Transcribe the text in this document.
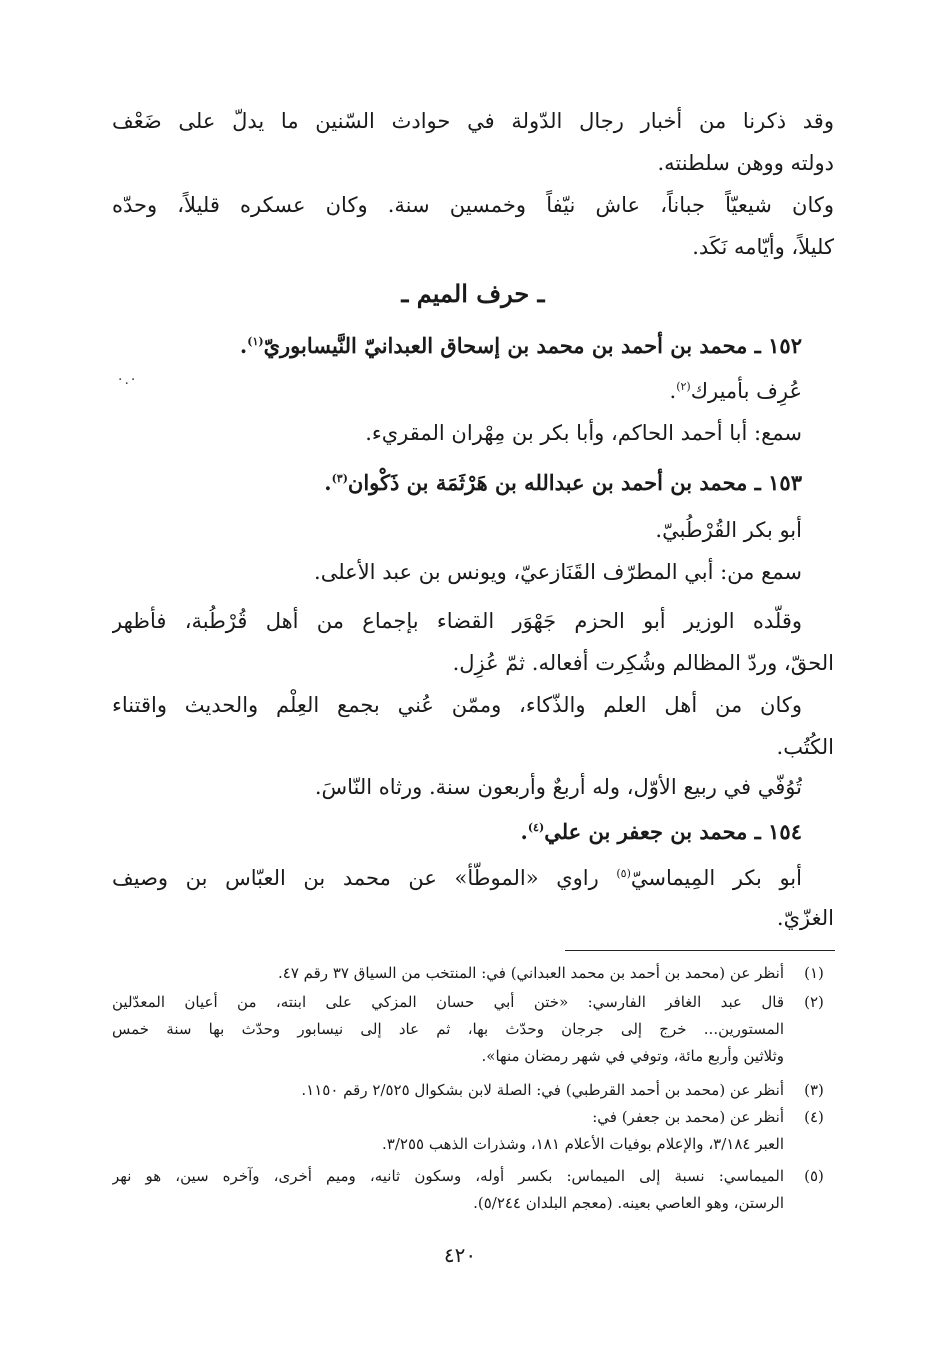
وقد ذكرنا من أخبار رجال الدّولة في حوادث السّنين ما يدلّ على ضَعْف
دولته ووهن سلطنته.
وكان شيعيّاً جباناً، عاش نيّفاً وخمسين سنة. وكان عسكره قليلاً، وحدّه
كليلاً، وأيّامه نَكَد.
ـ حرف الميم ـ
١٥٢ ـ محمد بن أحمد بن محمد بن إسحاق العبدانيّ النَّيسابوريّ$^{(١)}$.
·.·	عُرِف بأميرك$^{(٢)}$.
سمع: أبا أحمد الحاكم، وأبا بكر بن مِهْران المقريء.
١٥٣ ـ محمد بن أحمد بن عبدالله بن هَرْثَمَة بن ذَكْوان$^{(٣)}$.
أبو بكر القُرْطُبيّ.
سمع من: أبي المطرّف القَنَازعيّ، ويونس بن عبد الأعلى.
وقلّده الوزير أبو الحزم جَهْوَر القضاء بإجماع من أهل قُرْطُبة، فأظهر
الحقّ، وردّ المظالم وشُكِرت أفعاله. ثمّ عُزِل.
وكان من أهل العلم والذّكاء، وممّن عُني بجمع العِلْم والحديث واقتناء
الكُتُب.
تُوُفّي في ربيع الأوّل، وله أربعٌ وأربعون سنة. ورثاه النّاسَ.
١٥٤ ـ محمد بن جعفر بن علي$^{(٤)}$.
أبو بكر المِيماسيّ$^{(٥)}$ راوي «الموطّأ» عن محمد بن العبّاس بن وصيف
الغزّيّ.
(١)
أنظر عن (محمد بن أحمد بن محمد العبداني) في: المنتخب من السياق ٣٧ رقم ٤٧.
(٢)
قال عبد الغافر الفارسي: «ختن أبي حسان المزكي على ابنته، من أعيان المعدّلين
المستورين... خرج إلى جرجان وحدّث بها، ثم عاد إلى نيسابور وحدّث بها سنة خمس
وثلاثين وأربع مائة، وتوفي في شهر رمضان منها».
(٣)
أنظر عن (محمد بن أحمد القرطبي) في: الصلة لابن بشكوال ٢/٥٢٥ رقم ١١٥٠.
(٤)
أنظر عن (محمد بن جعفر) في:
العبر ٣/١٨٤، والإعلام بوفيات الأعلام ١٨١، وشذرات الذهب ٣/٢٥٥.
(٥)
الميماسي: نسبة إلى الميماس: بكسر أوله، وسكون ثانيه، وميم أخرى، وآخره سين، هو نهر
الرستن، وهو العاصي بعينه. (معجم البلدان ٥/٢٤٤).
٤٢٠
